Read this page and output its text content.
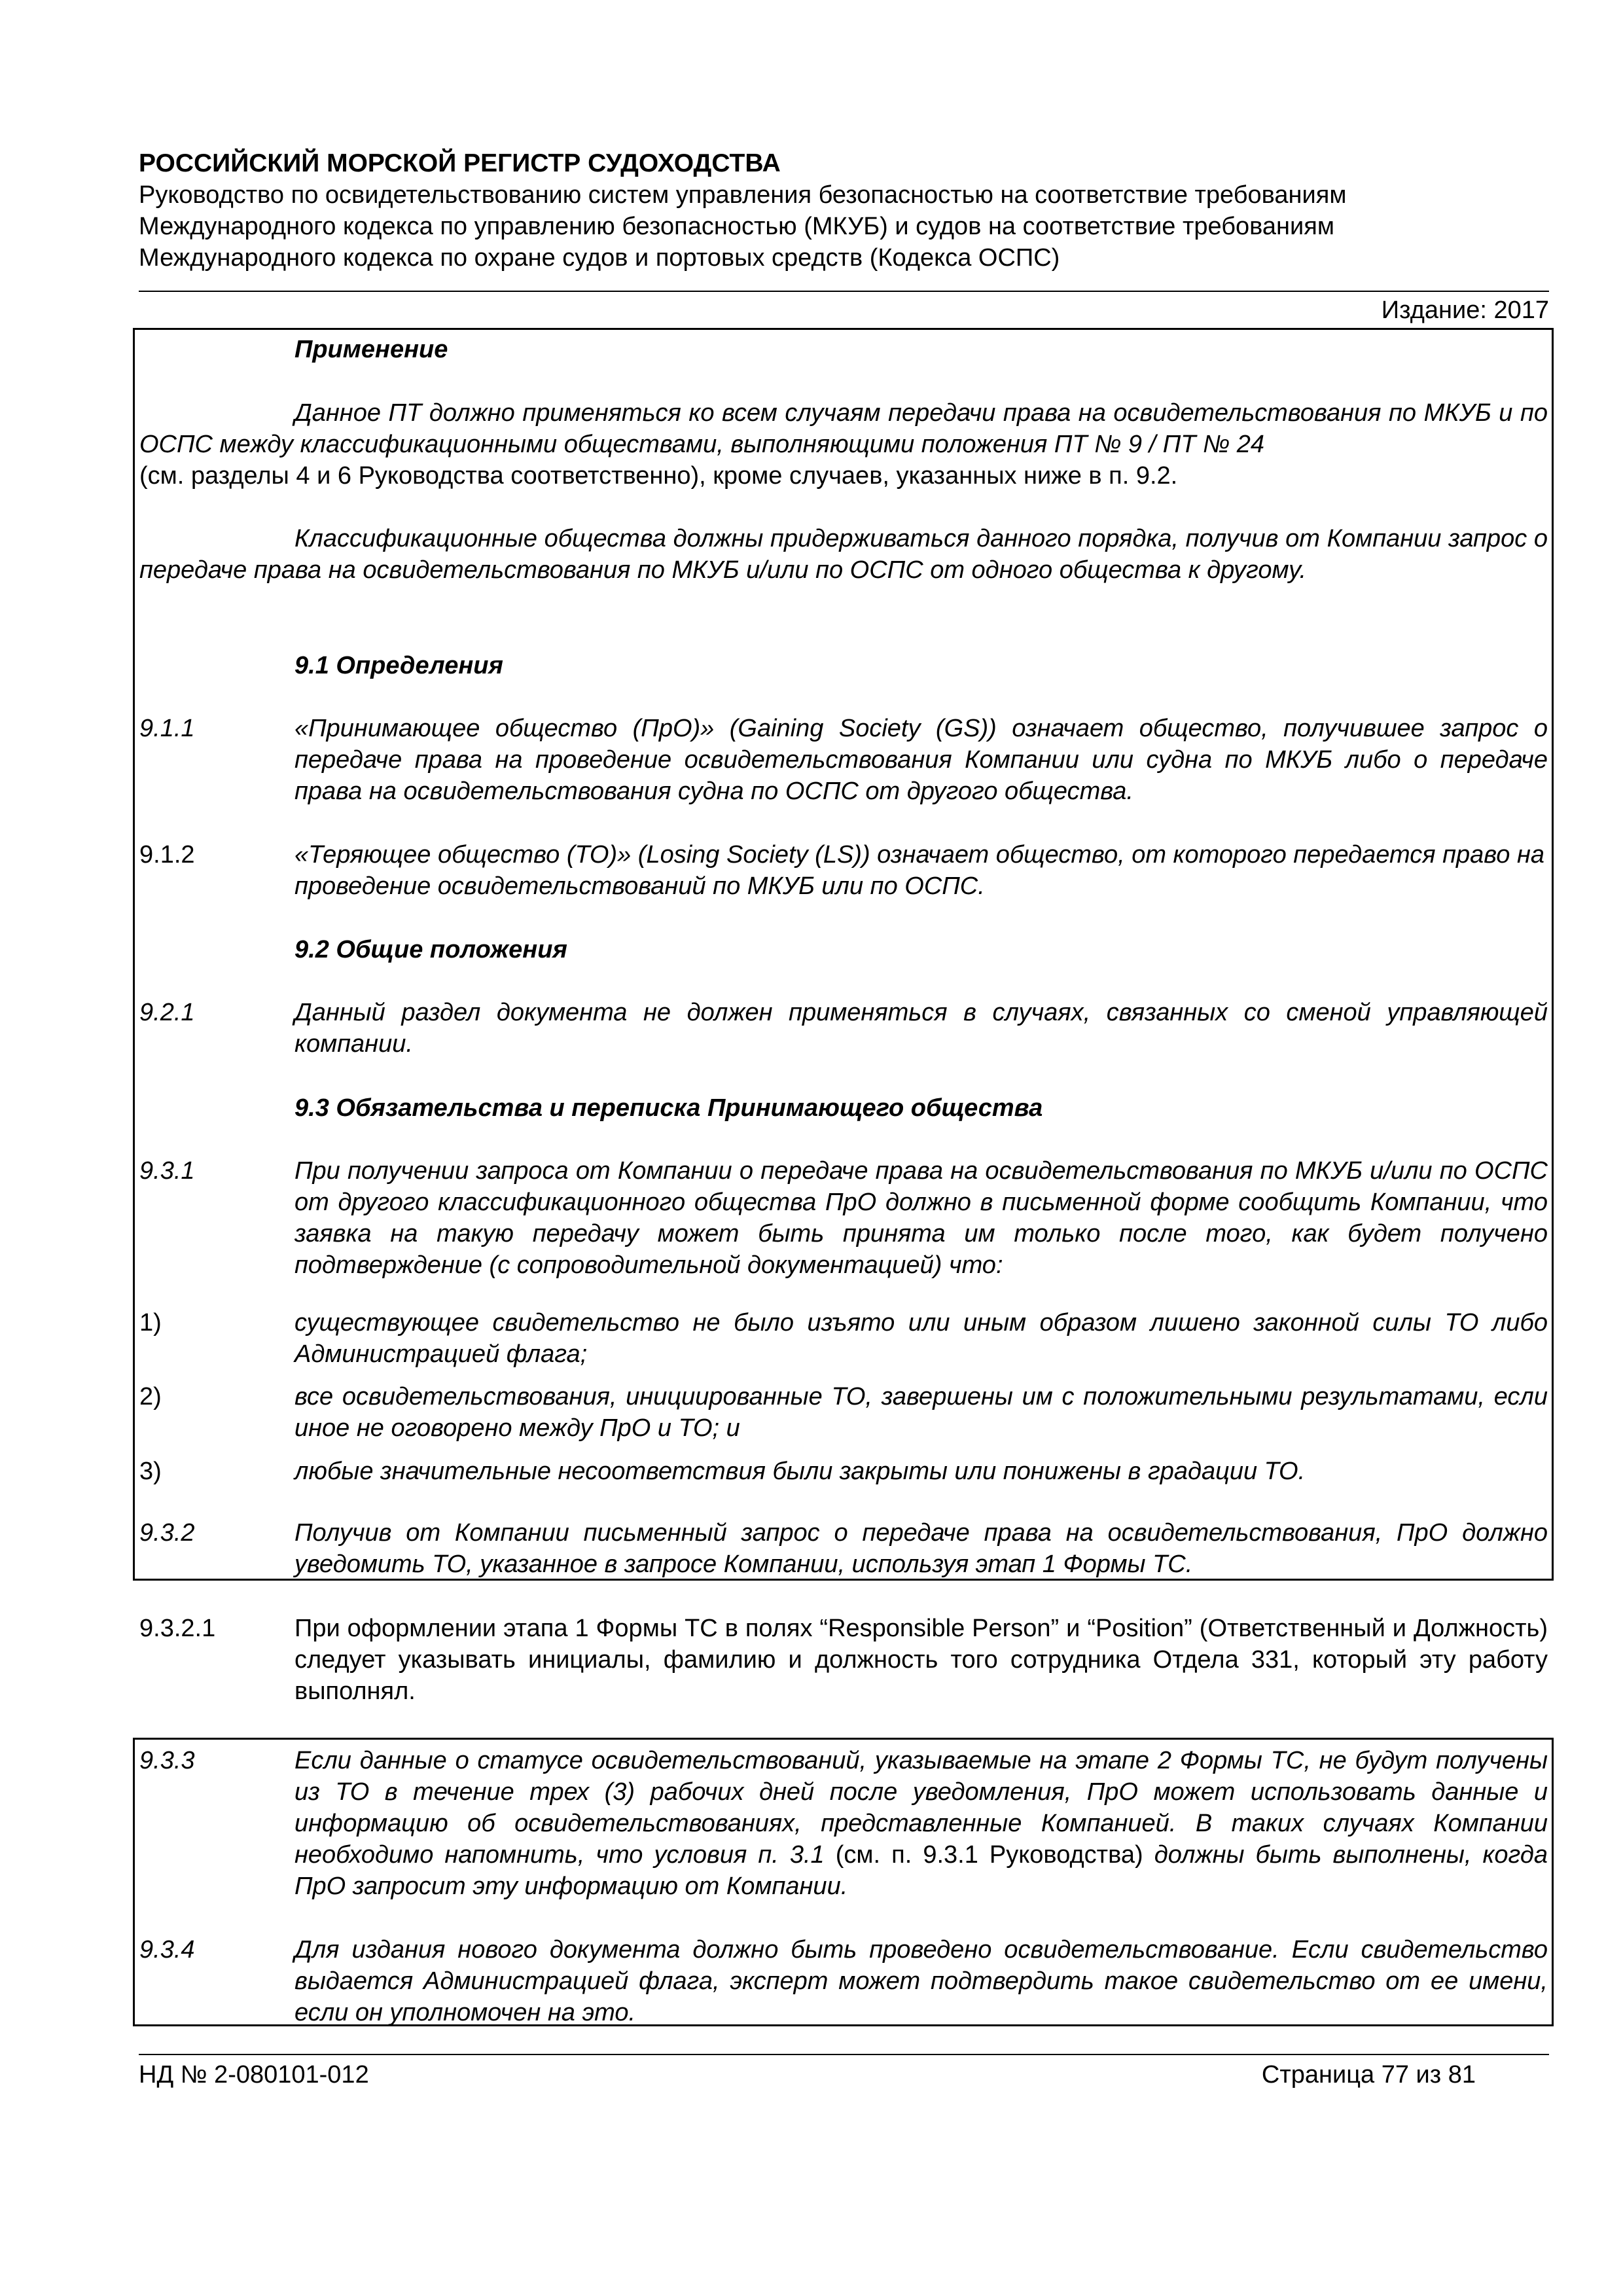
РОССИЙСКИЙ МОРСКОЙ РЕГИСТР СУДОХОДСТВА

Руководство по освидетельствованию систем управления безопасностью на соответствие требованиям

Международного кодекса по управлению безопасностью (МКУБ) и судов на соответствие требованиям

Международного кодекса по охране судов и портовых средств (Кодекса ОСПС)

Издание: 2017

Применение

Данное ПТ должно применяться ко всем случаям передачи права на освидетельствования по МКУБ и по ОСПС между классификационными обществами, выполняющими положения ПТ № 9 / ПТ № 24

(см. разделы 4 и 6 Руководства соответственно), кроме случаев, указанных ниже в п. 9.2.

Классификационные общества должны придерживаться данного порядка, получив от Компании запрос о передаче права на освидетельствования по МКУБ и/или по ОСПС от одного общества к другому.

9.1 Определения

9.1.1	«Принимающее общество (ПрО)» (Gaining Society (GS)) означает общество, получившее запрос о передаче права на проведение освидетельствования Компании или судна по МКУБ либо о передаче права на освидетельствования судна по ОСПС от другого общества.

9.1.2	«Теряющее общество (ТО)» (Losing Society (LS)) означает общество, от которого передается право на проведение освидетельствований по МКУБ или по ОСПС.

9.2 Общие положения

9.2.1	Данный раздел документа не должен применяться в случаях, связанных со сменой управляющей компании.

9.3 Обязательства и переписка Принимающего общества

9.3.1	При получении запроса от Компании о передаче права на освидетельствования по МКУБ и/или по ОСПС от другого классификационного общества ПрО должно в письменной форме сообщить Компании, что заявка на такую передачу может быть принята им только после того, как будет получено подтверждение (с сопроводительной документацией) что:

1)	существующее свидетельство не было изъято или иным образом лишено законной силы ТО либо Администрацией флага;

2)	все освидетельствования, инициированные ТО, завершены им с положительными результатами, если иное не оговорено между ПрО и ТО; и

3)	любые значительные несоответствия были закрыты или понижены в градации ТО.

9.3.2	Получив от Компании письменный запрос о передаче права на освидетельствования, ПрО должно уведомить ТО, указанное в запросе Компании, используя этап 1 Формы ТС.

9.3.2.1	При оформлении этапа 1 Формы ТС в полях “Responsible Person” и “Position” (Ответственный и Должность) следует указывать инициалы, фамилию и должность того сотрудника Отдела 331, который эту работу выполнял.

9.3.3	Если данные о статусе освидетельствований, указываемые на этапе 2 Формы ТС, не будут получены из ТО в течение трех (3) рабочих дней после уведомления, ПрО может использовать данные и информацию об освидетельствованиях, представленные Компанией. В таких случаях Компании необходимо напомнить, что условия п. 3.1 (см. п. 9.3.1 Руководства) должны быть выполнены, когда ПрО запросит эту информацию от Компании.

9.3.4	Для издания нового документа должно быть проведено освидетельствование. Если свидетельство выдается Администрацией флага, эксперт может подтвердить такое свидетельство от ее имени, если он уполномочен на это.

НД № 2-080101-012	Страница 77 из 81
